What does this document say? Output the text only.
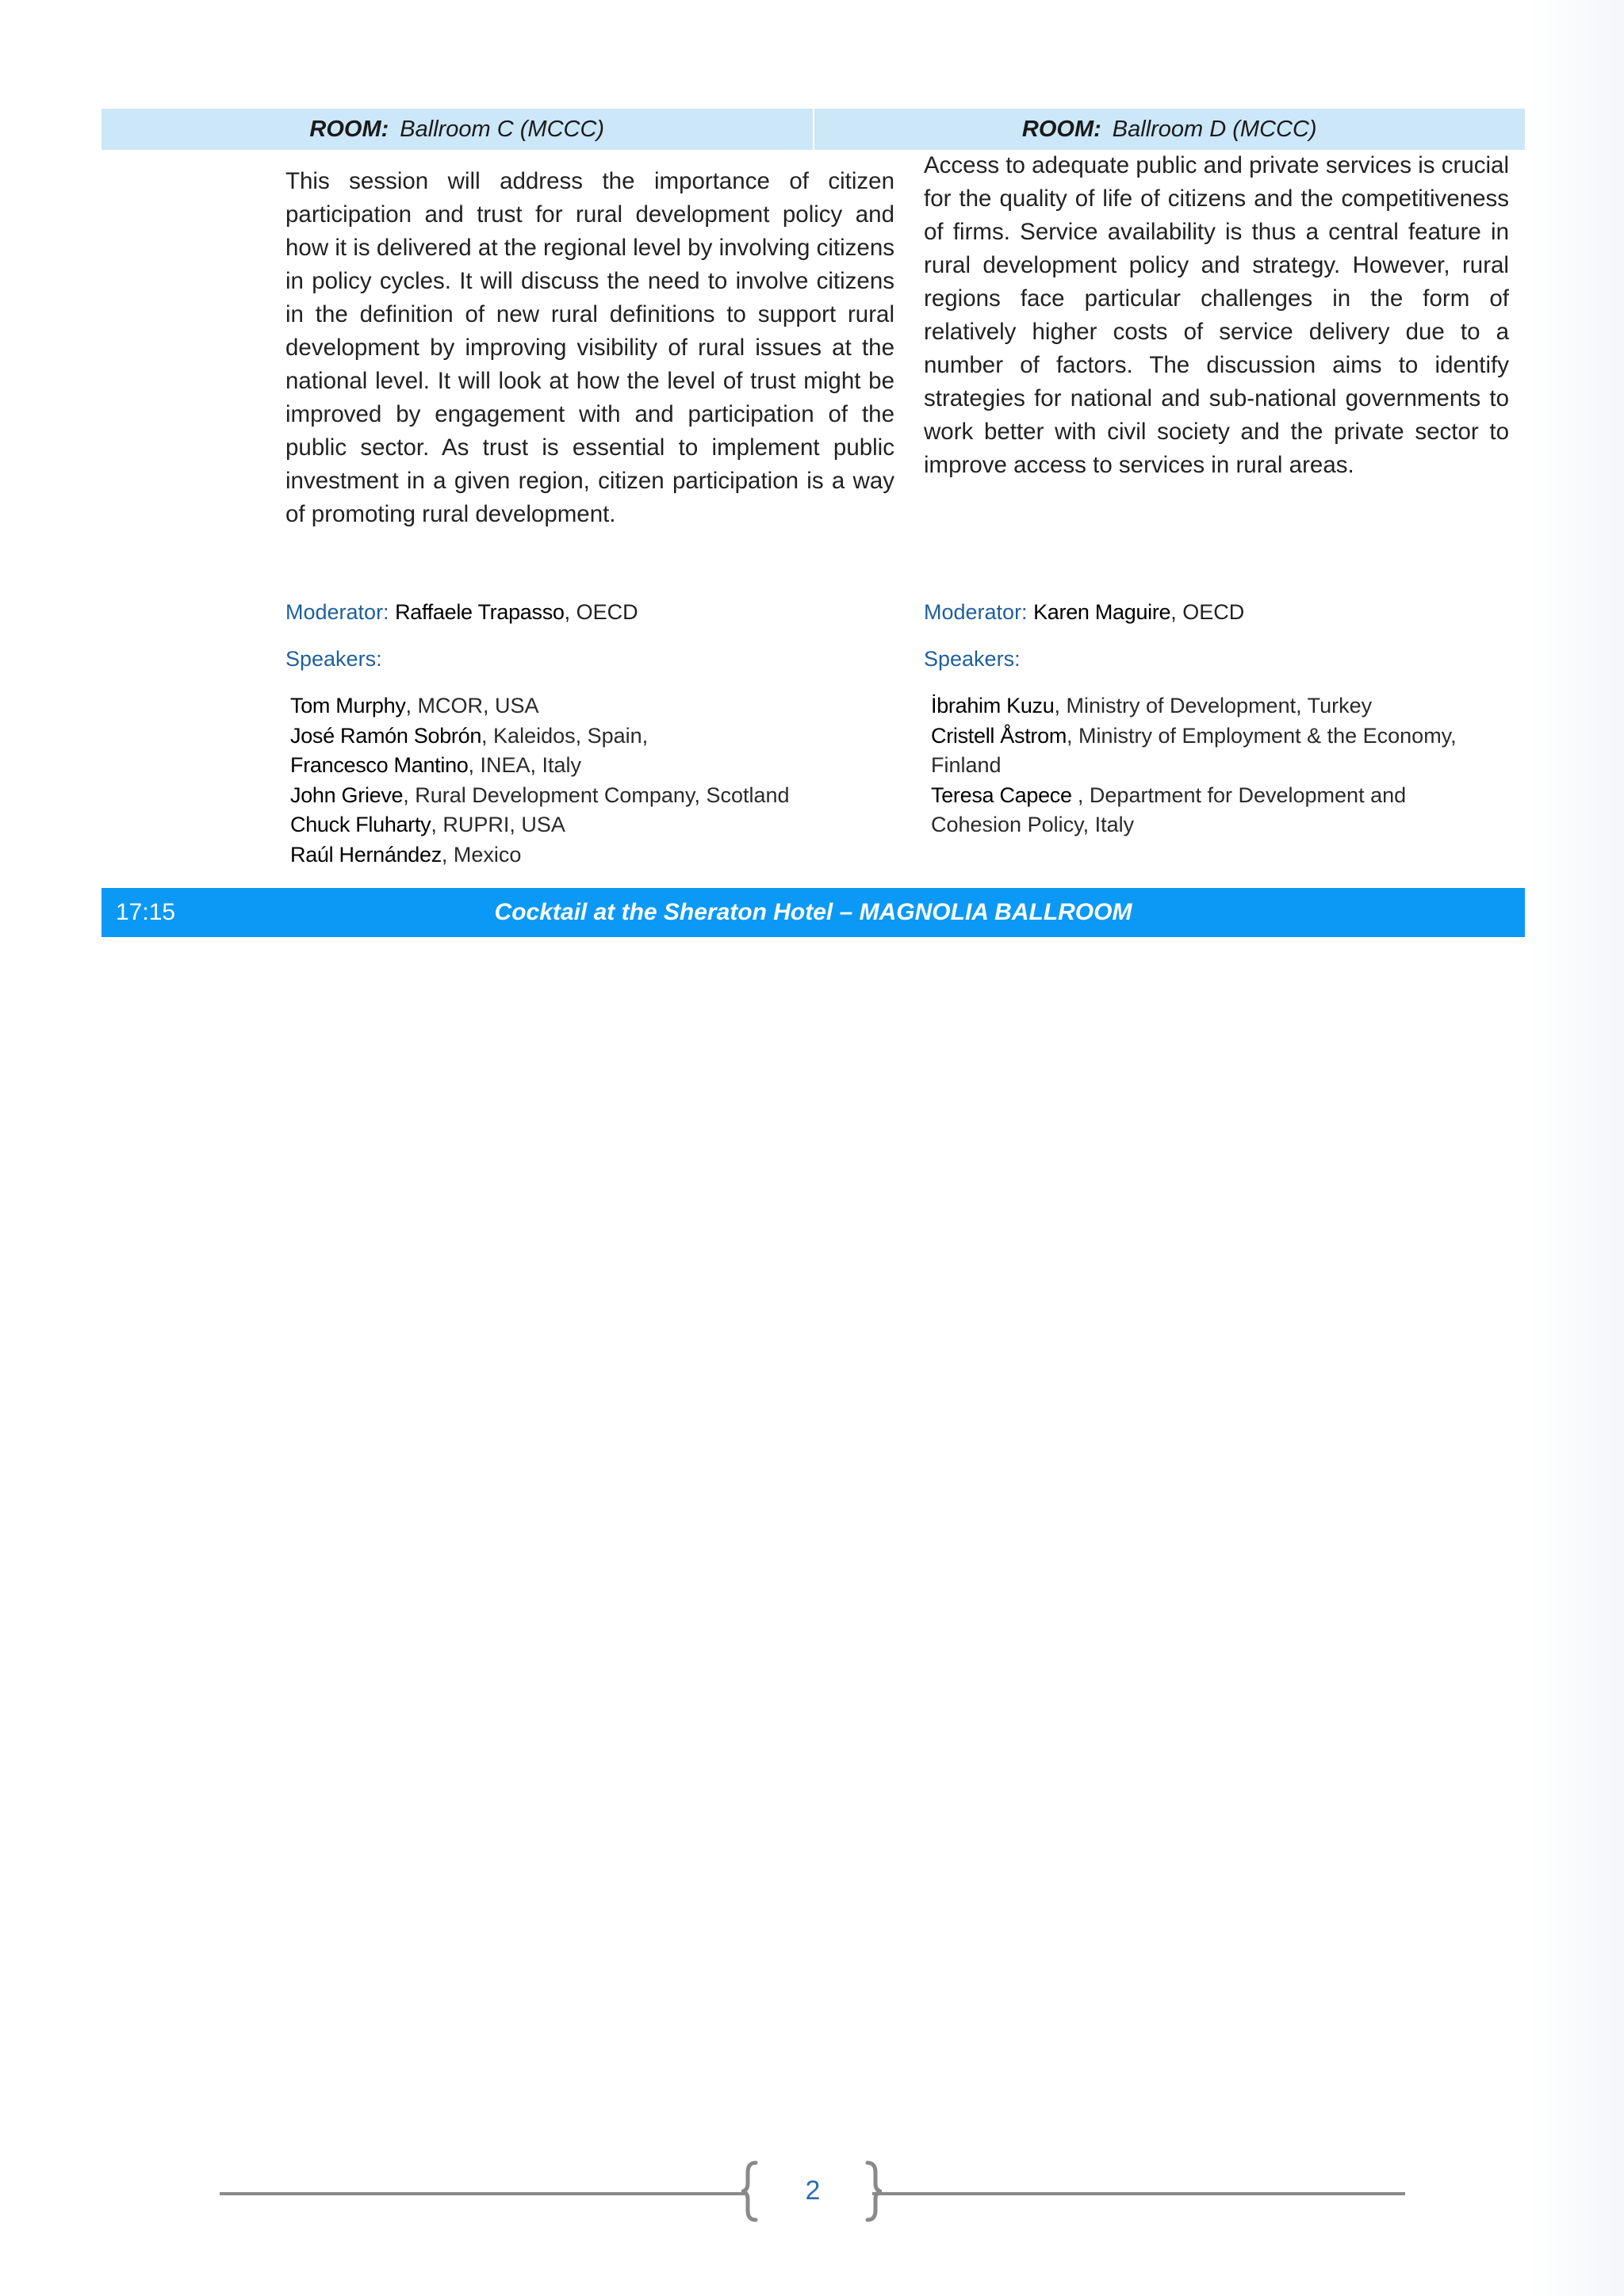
ROOM: Ballroom C (MCCC)	ROOM: Ballroom D (MCCC)

This session will address the importance of citizen participation and trust for rural development policy and how it is delivered at the regional level by involving citizens in policy cycles. It will discuss the need to involve citizens in the definition of new rural definitions to support rural development by improving visibility of rural issues at the national level. It will look at how the level of trust might be improved by engagement with and participation of the public sector. As trust is essential to implement public investment in a given region, citizen participation is a way of promoting rural development.

Moderator: Raffaele Trapasso, OECD
Speakers:
Tom Murphy, MCOR, USA
José Ramón Sobrón, Kaleidos, Spain,
Francesco Mantino, INEA, Italy
John Grieve, Rural Development Company, Scotland
Chuck Fluharty, RUPRI, USA
Raúl Hernández, Mexico

Access to adequate public and private services is crucial for the quality of life of citizens and the competitiveness of firms. Service availability is thus a central feature in rural development policy and strategy. However, rural regions face particular challenges in the form of relatively higher costs of service delivery due to a number of factors. The discussion aims to identify strategies for national and sub-national governments to work better with civil society and the private sector to improve access to services in rural areas.

Moderator: Karen Maguire, OECD
Speakers:
İbrahim Kuzu, Ministry of Development, Turkey
Cristell Åstrom, Ministry of Employment & the Economy,
Finland
Teresa Capece , Department for Development and
Cohesion Policy, Italy
17:15	Cocktail at the Sheraton Hotel – MAGNOLIA BALLROOM
2
